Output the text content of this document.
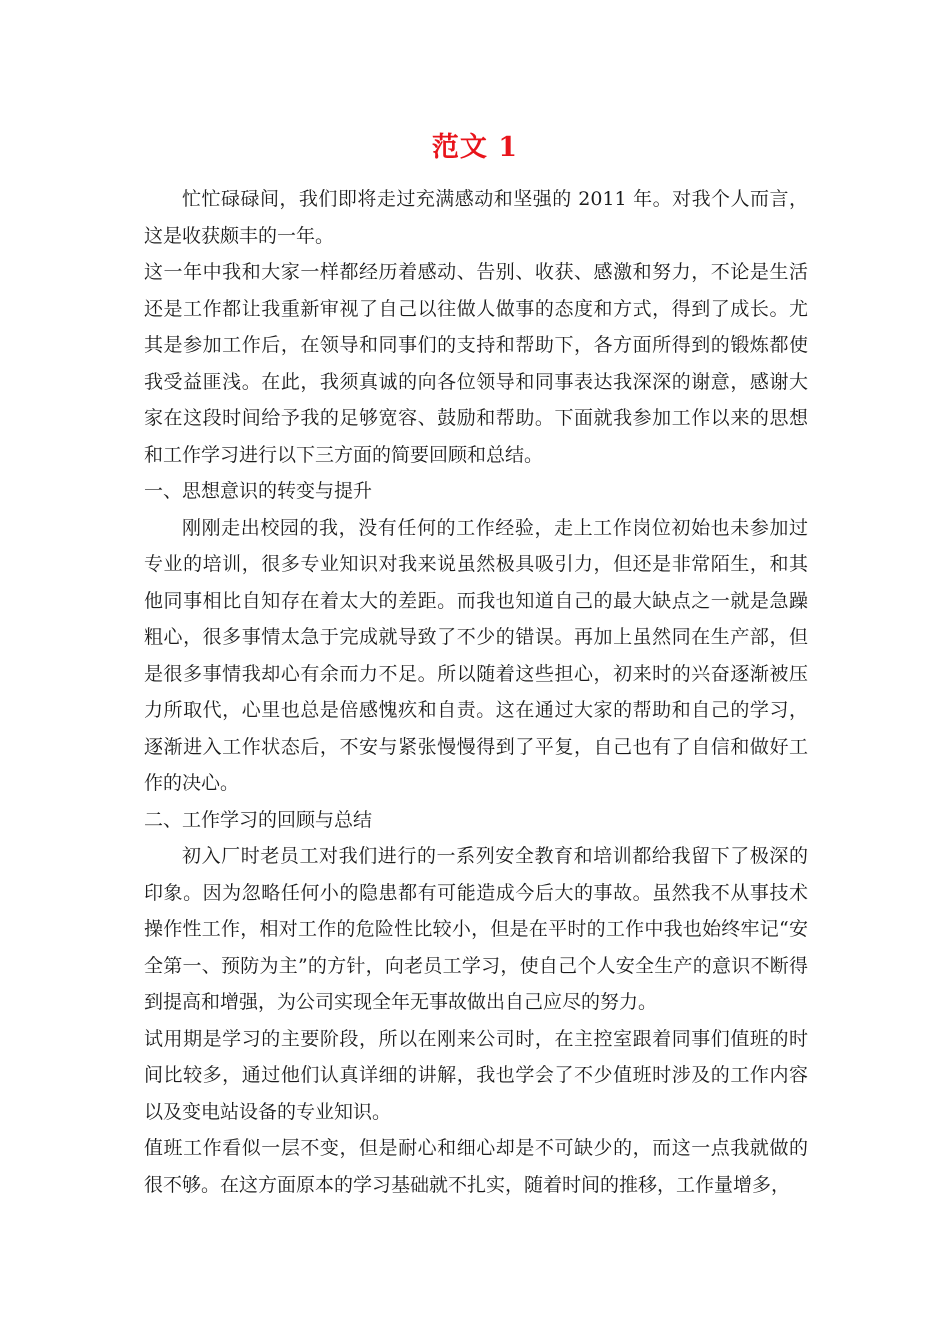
范文 1

忙忙碌碌间，我们即将走过充满感动和坚强的 2011 年。对我个人而言，这是收获颇丰的一年。

这一年中我和大家一样都经历着感动、告别、收获、感激和努力，不论是生活还是工作都让我重新审视了自己以往做人做事的态度和方式，得到了成长。尤其是参加工作后，在领导和同事们的支持和帮助下，各方面所得到的锻炼都使我受益匪浅。在此，我须真诚的向各位领导和同事表达我深深的谢意，感谢大家在这段时间给予我的足够宽容、鼓励和帮助。下面就我参加工作以来的思想和工作学习进行以下三方面的简要回顾和总结。

一、思想意识的转变与提升

刚刚走出校园的我，没有任何的工作经验，走上工作岗位初始也未参加过专业的培训，很多专业知识对我来说虽然极具吸引力，但还是非常陌生，和其他同事相比自知存在着太大的差距。而我也知道自己的最大缺点之一就是急躁粗心，很多事情太急于完成就导致了不少的错误。再加上虽然同在生产部，但是很多事情我却心有余而力不足。所以随着这些担心，初来时的兴奋逐渐被压力所取代，心里也总是倍感愧疚和自责。这在通过大家的帮助和自己的学习，逐渐进入工作状态后，不安与紧张慢慢得到了平复，自己也有了自信和做好工作的决心。

二、工作学习的回顾与总结

初入厂时老员工对我们进行的一系列安全教育和培训都给我留下了极深的印象。因为忽略任何小的隐患都有可能造成今后大的事故。虽然我不从事技术操作性工作，相对工作的危险性比较小，但是在平时的工作中我也始终牢记“安全第一、预防为主”的方针，向老员工学习，使自己个人安全生产的意识不断得到提高和增强，为公司实现全年无事故做出自己应尽的努力。

试用期是学习的主要阶段，所以在刚来公司时，在主控室跟着同事们值班的时间比较多，通过他们认真详细的讲解，我也学会了不少值班时涉及的工作内容以及变电站设备的专业知识。

值班工作看似一层不变，但是耐心和细心却是不可缺少的，而这一点我就做的很不够。在这方面原本的学习基础就不扎实，随着时间的推移，工作量增多，
